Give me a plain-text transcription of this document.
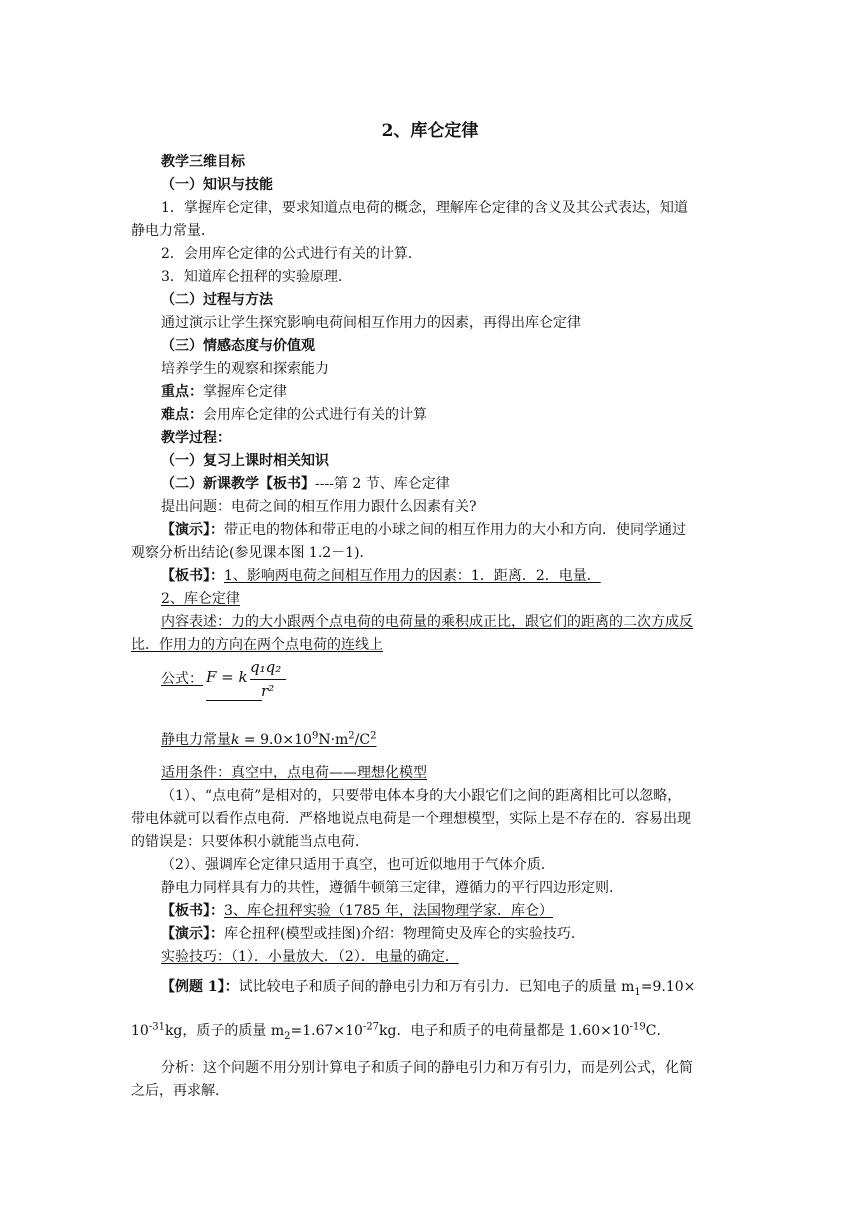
2、库仑定律
教学三维目标
（一）知识与技能
1．掌握库仑定律，要求知道点电荷的概念，理解库仑定律的含义及其公式表达，知道
静电力常量．
2．会用库仑定律的公式进行有关的计算．
3．知道库仑扭秤的实验原理．
（二）过程与方法
通过演示让学生探究影响电荷间相互作用力的因素，再得出库仑定律
（三）情感态度与价值观
培养学生的观察和探索能力
重点：掌握库仑定律
难点：会用库仑定律的公式进行有关的计算
教学过程：
（一）复习上课时相关知识
（二）新课教学【板书】----第 2 节、库仑定律
提出问题：电荷之间的相互作用力跟什么因素有关?
【演示】：带正电的物体和带正电的小球之间的相互作用力的大小和方向．使同学通过
观察分析出结论(参见课本图 1.2－1)．
【板书】：1、影响两电荷之间相互作用力的因素：1．距离．2．电量．
2、库仑定律
内容表述：力的大小跟两个点电荷的电荷量的乘积成正比，跟它们的距离的二次方成反
比．作用力的方向在两个点电荷的连线上
公式： F = k
q₁q₂
r²
静电力常量$k = 9.0\times 10^9N\cdot m^2/C^2$
适用条件：真空中，点电荷——理想化模型
（1）、“点电荷”是相对的，只要带电体本身的大小跟它们之间的距离相比可以忽略，
带电体就可以看作点电荷．严格地说点电荷是一个理想模型，实际上是不存在的．容易出现
的错误是：只要体积小就能当点电荷．
（2）、强调库仑定律只适用于真空，也可近似地用于气体介质．
静电力同样具有力的共性，遵循牛顿第三定律，遵循力的平行四边形定则．
【板书】：3、库仑扭秤实验（1785 年，法国物理学家．库仑）
【演示】：库仑扭秤(模型或挂图)介绍：物理简史及库仑的实验技巧．
实验技巧：（1）．小量放大．（2）．电量的确定．
【例题 1】：试比较电子和质子间的静电引力和万有引力．已知电子的质量 $m_1=9.10\times$
$10^{-31}kg$，质子的质量 $m_2=1.67\times 10^{-27}kg$．电子和质子的电荷量都是 $1.60\times 10^{-19}C$．
分析：这个问题不用分别计算电子和质子间的静电引力和万有引力，而是列公式，化简
之后，再求解．
